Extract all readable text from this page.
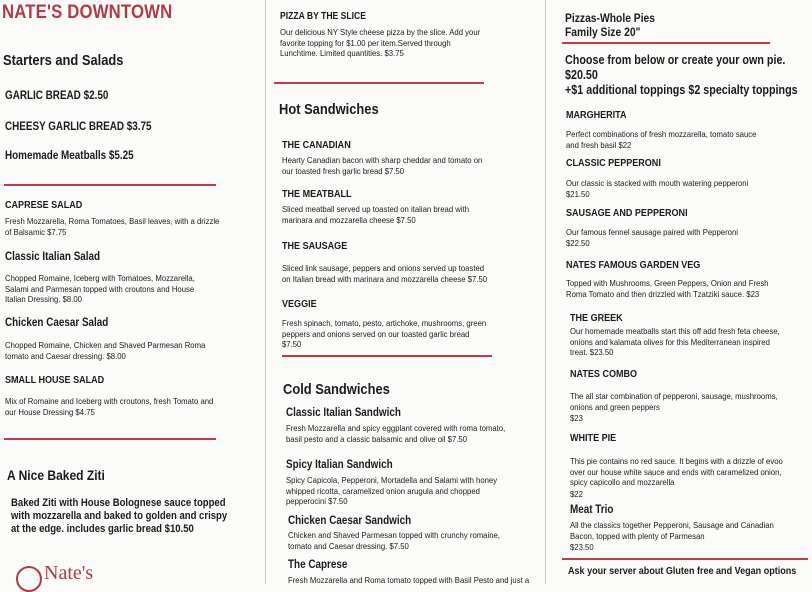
NATE'S DOWNTOWN
Starters and Salads
GARLIC BREAD $2.50
CHEESY GARLIC BREAD $3.75
Homemade Meatballs $5.25
CAPRESE SALAD
Fresh Mozzarella, Roma Tomatoes, Basil leaves, with a drizzle of Balsamic $7.75
Classic Italian Salad
Chopped Romaine, Iceberg with Tomatoes, Mozzarella, Salami and Parmesan topped with croutons and House Italian Dressing. $8.00
Chicken Caesar Salad
Chopped Romaine, Chicken and Shaved Parmesan Roma tomato and Caesar dressing. $8.00
SMALL HOUSE SALAD
Mix of Romaine and Iceberg with croutons, fresh Tomato and our House Dressing $4.75
A Nice Baked Ziti
Baked Ziti with House Bolognese sauce topped with mozzarella and baked to golden and crispy at the edge. includes garlic bread $10.50
Nate's
PIZZA BY THE SLICE
Our delicious NY Style cheese pizza by the slice. Add your favorite topping for $1.00 per item.Served through Lunchtime. Limited quantities. $3.75
Hot Sandwiches
THE CANADIAN
Hearty Canadian bacon with sharp cheddar and tomato on our toasted fresh garlic bread $7.50
THE MEATBALL
Sliced meatball served up toasted on italian bread with marinara and mozzarella cheese $7.50
THE SAUSAGE
Sliced link sausage, peppers and onions served up toasted on Italian bread with marinara and mozzarella cheese $7.50
VEGGIE
Fresh spinach, tomato, pesto, artichoke, mushrooms, green peppers and onions served on our toasted garlic bread $7.50
Cold Sandwiches
Classic Italian Sandwich
Fresh Mozzarella and spicy eggplant covered with roma tomato, basil pesto and a classic balsamic and olive oil $7.50
Spicy Italian Sandwich
Spicy Capicola, Pepperoni, Mortadella and Salami with honey whipped ricotta, caramelized onion arugula and chopped pepperocini $7.50
Chicken Caesar Sandwich
Chicken and Shaved Parmesan topped with crunchy romaine, tomato and Caesar dressing. $7.50
The Caprese
Fresh Mozzarella and Roma tomato topped with Basil Pesto and just a
Pizzas-Whole Pies
Family Size 20"
Choose from below or create your own pie.
$20.50
+$1 additional toppings $2 specialty toppings
MARGHERITA
Perfect combinations of fresh mozzarella, tomato sauce and fresh basil $22
CLASSIC PEPPERONI
Our classic is stacked with mouth watering pepperoni
$21.50
SAUSAGE AND PEPPERONI
Our famous fennel sausage paired with Pepperoni
$22.50
NATES FAMOUS GARDEN VEG
Topped with Mushrooms, Green Peppers, Onion and Fresh Roma Tomato and then drizzled with Tzatziki sauce. $23
THE GREEK
Our homemade meatballs start this off add fresh feta cheese, onions and kalamata olives for this Mediterranean inspired treat. $23.50
NATES COMBO
The all star combination of pepperoni, sausage, mushrooms, onions and green peppers
$23
WHITE PIE
This pie contains no red sauce. It begins with a drizzle of evoo over our house white sauce and ends with caramelized onion, spicy capicollo and mozzarella
$22
Meat Trio
All the classics together Pepperoni, Sausage and Canadian Bacon, topped with plenty of Parmesan
$23.50
Ask your server about Gluten free and Vegan options
